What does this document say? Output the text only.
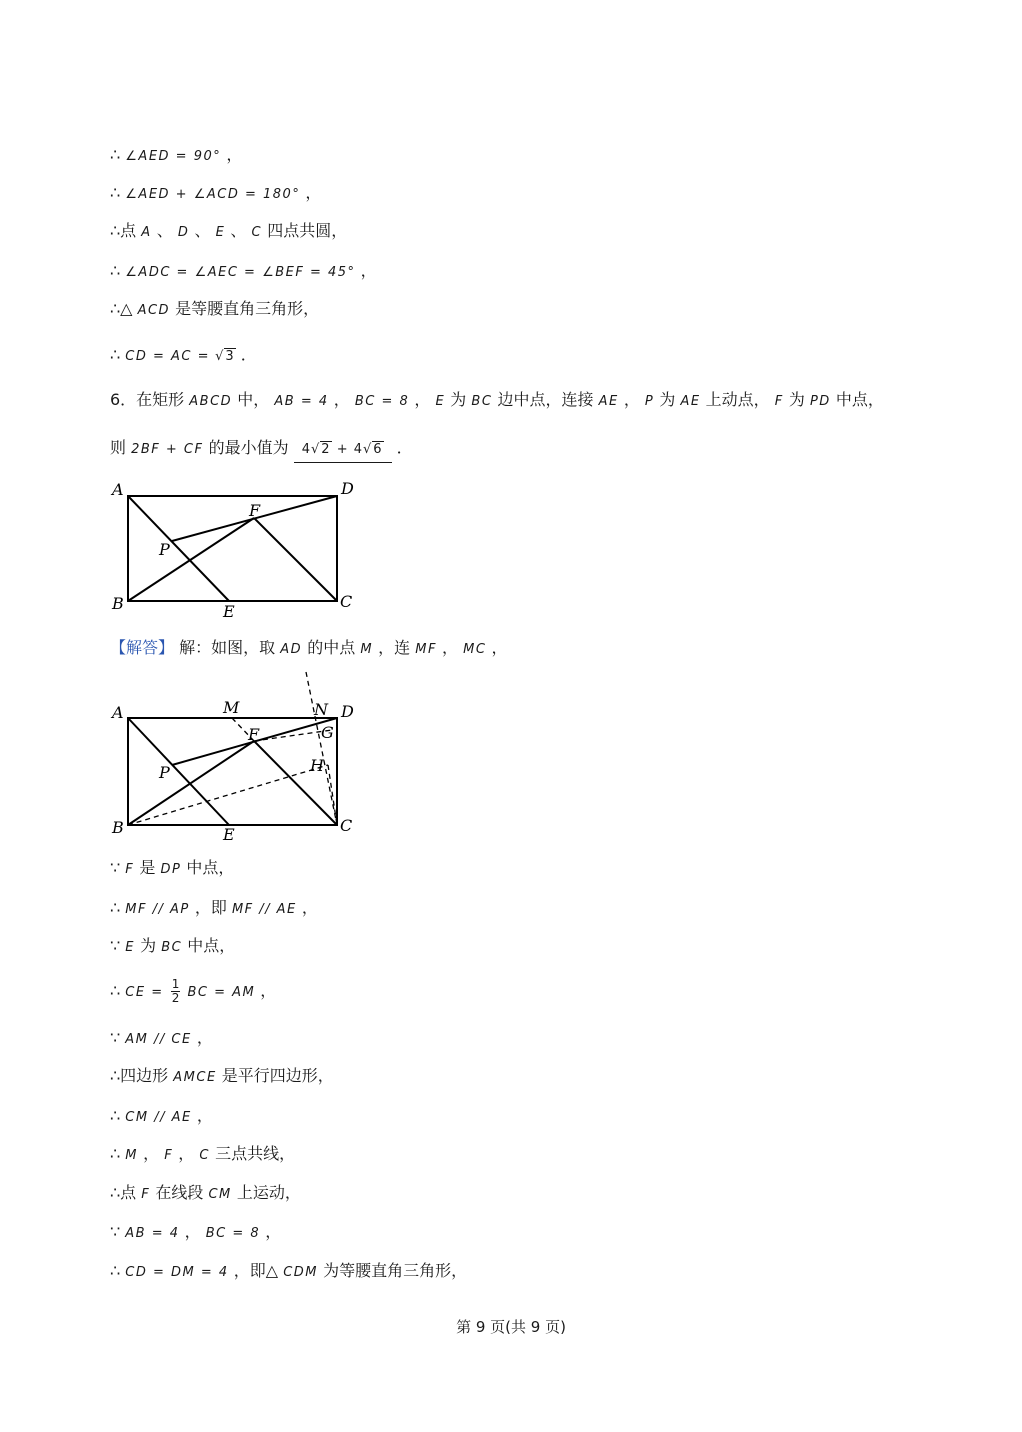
∴ ∠AED = 90° ，
∴ ∠AED + ∠ACD = 180° ，
∴点 A 、 D 、 E 、 C 四点共圆，
∴ ∠ADC = ∠AEC = ∠BEF = 45° ，
∴△ ACD 是等腰直角三角形，
∴ CD = AC = √3 ．
6．在矩形 ABCD 中， AB = 4 ， BC = 8 ， E 为 BC 边中点，连接 AE ， P 为 AE 上动点， F 为 PD 中点，
则 2BF + CF 的最小值为 4√2 + 4√6 ．
A	D
B	C
E
F
P
【解答】 解：如图，取 AD 的中点 M ，连 MF ， MC ，
A	D
B	C
E
F
P
M	N
G
H
∵ F 是 DP 中点，
∴ MF // AP ，即 MF // AE ，
∵ E 为 BC 中点，
∴ CE = $\frac{1}{2}$ BC = AM ，
∵ AM // CE ，
∴四边形 AMCE 是平行四边形，
∴ CM // AE ，
∴ M ， F ， C 三点共线，
∴点 F 在线段 CM 上运动，
∵ AB = 4 ， BC = 8 ，
∴ CD = DM = 4 ，即△ CDM 为等腰直角三角形，
第 9 页(共 9 页)
